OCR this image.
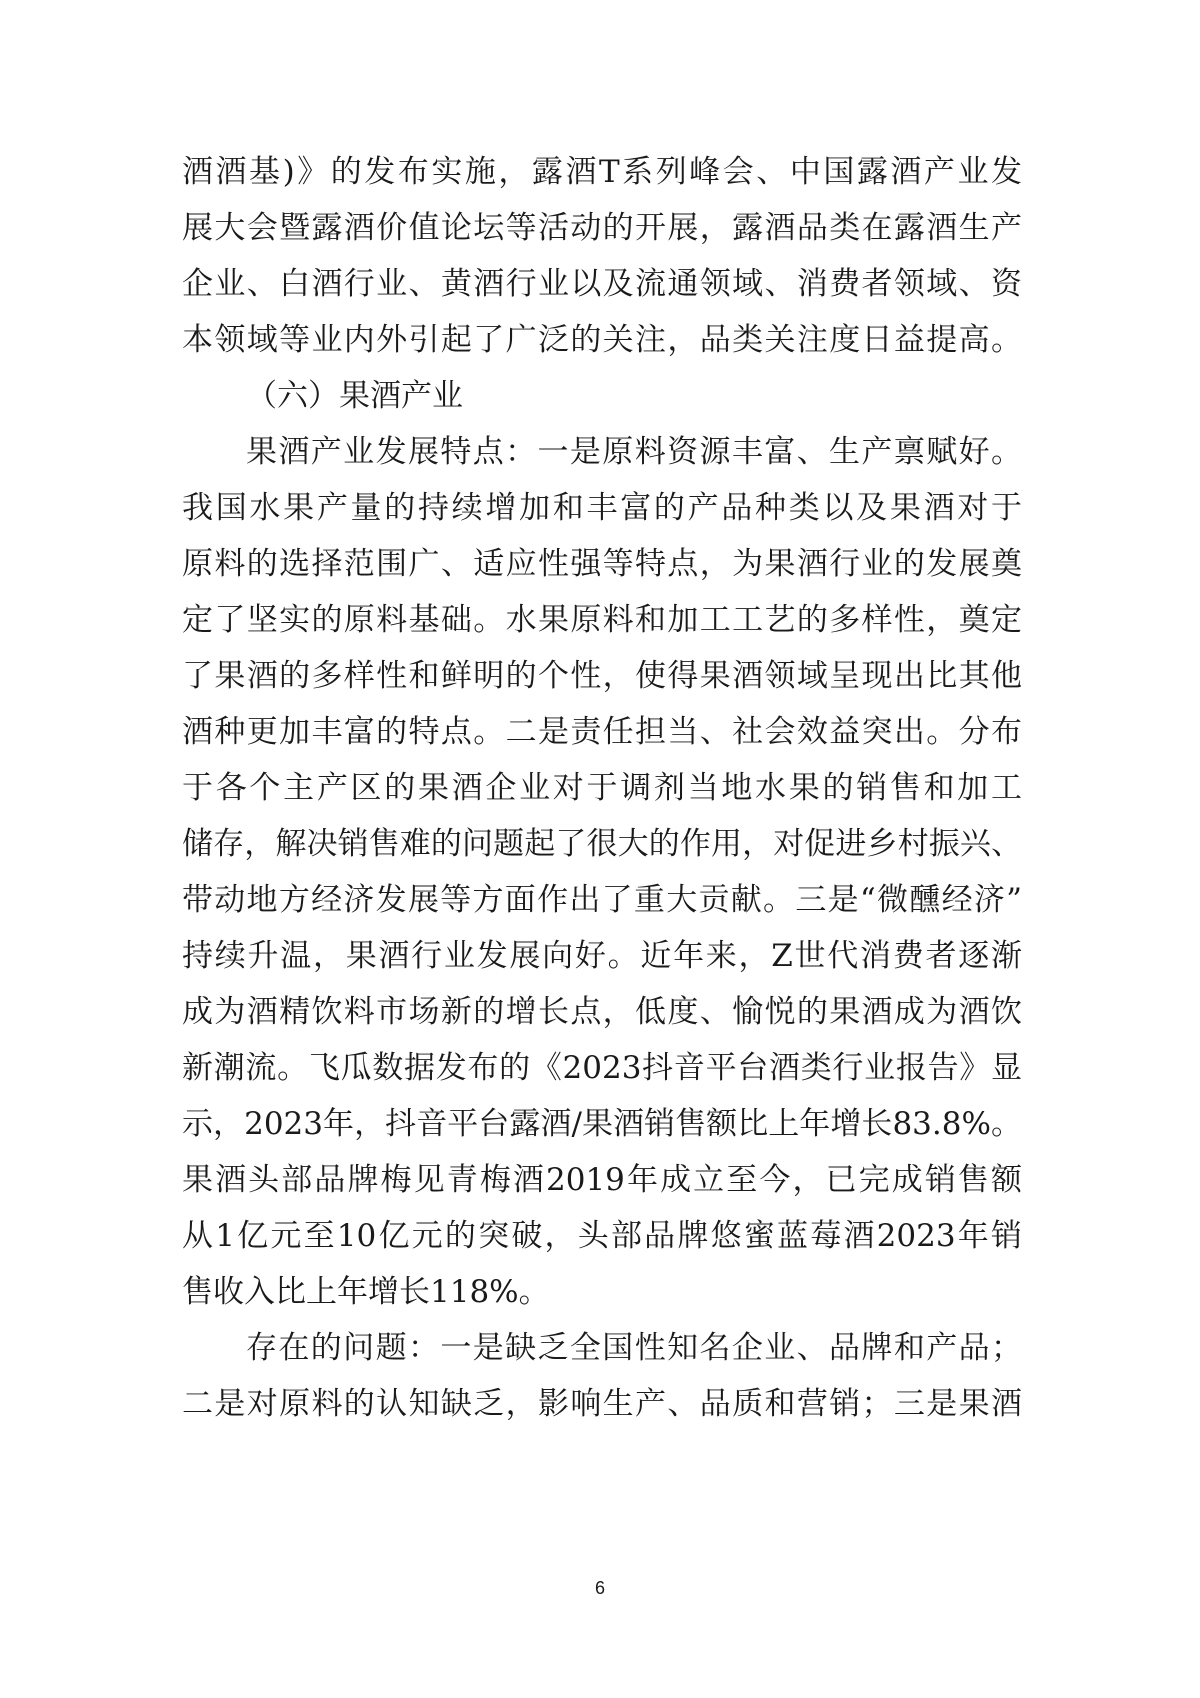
酒酒基)》的发布实施，露酒T系列峰会、中国露酒产业发
展大会暨露酒价值论坛等活动的开展，露酒品类在露酒生产
企业、白酒行业、黄酒行业以及流通领域、消费者领域、资
本领域等业内外引起了广泛的关注，品类关注度日益提高。
（六）果酒产业
果酒产业发展特点：一是原料资源丰富、生产禀赋好。
我国水果产量的持续增加和丰富的产品种类以及果酒对于
原料的选择范围广、适应性强等特点，为果酒行业的发展奠
定了坚实的原料基础。水果原料和加工工艺的多样性，奠定
了果酒的多样性和鲜明的个性，使得果酒领域呈现出比其他
酒种更加丰富的特点。二是责任担当、社会效益突出。分布
于各个主产区的果酒企业对于调剂当地水果的销售和加工
储存，解决销售难的问题起了很大的作用，对促进乡村振兴、
带动地方经济发展等方面作出了重大贡献。三是“微醺经济”
持续升温，果酒行业发展向好。近年来，Z世代消费者逐渐
成为酒精饮料市场新的增长点，低度、愉悦的果酒成为酒饮
新潮流。飞瓜数据发布的《2023抖音平台酒类行业报告》显
示，2023年，抖音平台露酒/果酒销售额比上年增长83.8%。
果酒头部品牌梅见青梅酒2019年成立至今，已完成销售额
从1亿元至10亿元的突破，头部品牌悠蜜蓝莓酒2023年销
售收入比上年增长118%。
存在的问题：一是缺乏全国性知名企业、品牌和产品；
二是对原料的认知缺乏，影响生产、品质和营销；三是果酒
6
